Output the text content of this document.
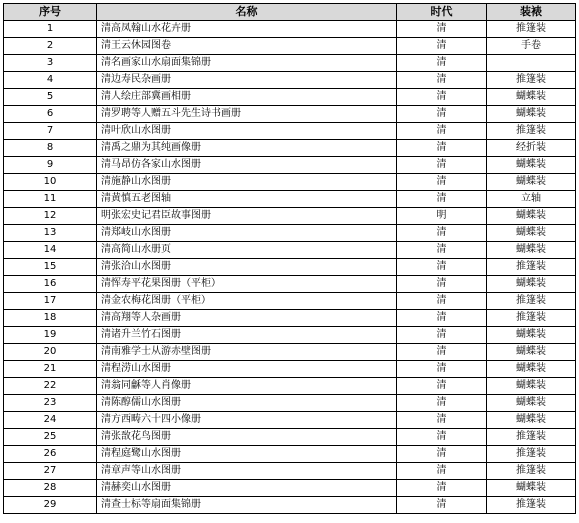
序号	名称	时代	装裱
1	清高凤翰山水花卉册	清	推篷装
2	清王云休园图卷	清	手卷
3	清名画家山水扇面集锦册	清	
4	清边寿民杂画册	清	推篷装
5	清人绘庄部冀画相册	清	蝴蝶装
6	清罗聘等人赠五斗先生诗书画册	清	蝴蝶装
7	清叶欣山水图册	清	推篷装
8	清禹之鼎为其纯画像册	清	经折装
9	清马昂仿各家山水图册	清	蝴蝶装
10	清施静山水图册	清	蝴蝶装
11	清黄慎五老图轴	清	立轴
12	明张宏史记君臣故事图册	明	蝴蝶装
13	清郑岐山水图册	清	蝴蝶装
14	清高简山水册页	清	蝴蝶装
15	清张洽山水图册	清	推篷装
16	清恽寿平花果图册（平柜）	清	蝴蝶装
17	清金农梅花图册（平柜）	清	推篷装
18	清高翔等人杂画册	清	推篷装
19	清诸升兰竹石图册	清	蝴蝶装
20	清南雅学士从游赤壁图册	清	蝴蝶装
21	清程涝山水图册	清	蝴蝶装
22	清翁同龢等人肖像册	清	蝴蝶装
23	清陈醇儒山水图册	清	蝴蝶装
24	清方西畴六十四小像册	清	蝴蝶装
25	清张敔花鸟图册	清	推篷装
26	清程庭鹭山水图册	清	推篷装
27	清章声等山水图册	清	推篷装
28	清赫奕山水图册	清	蝴蝶装
29	清查士标等扇面集锦册	清	推篷装
